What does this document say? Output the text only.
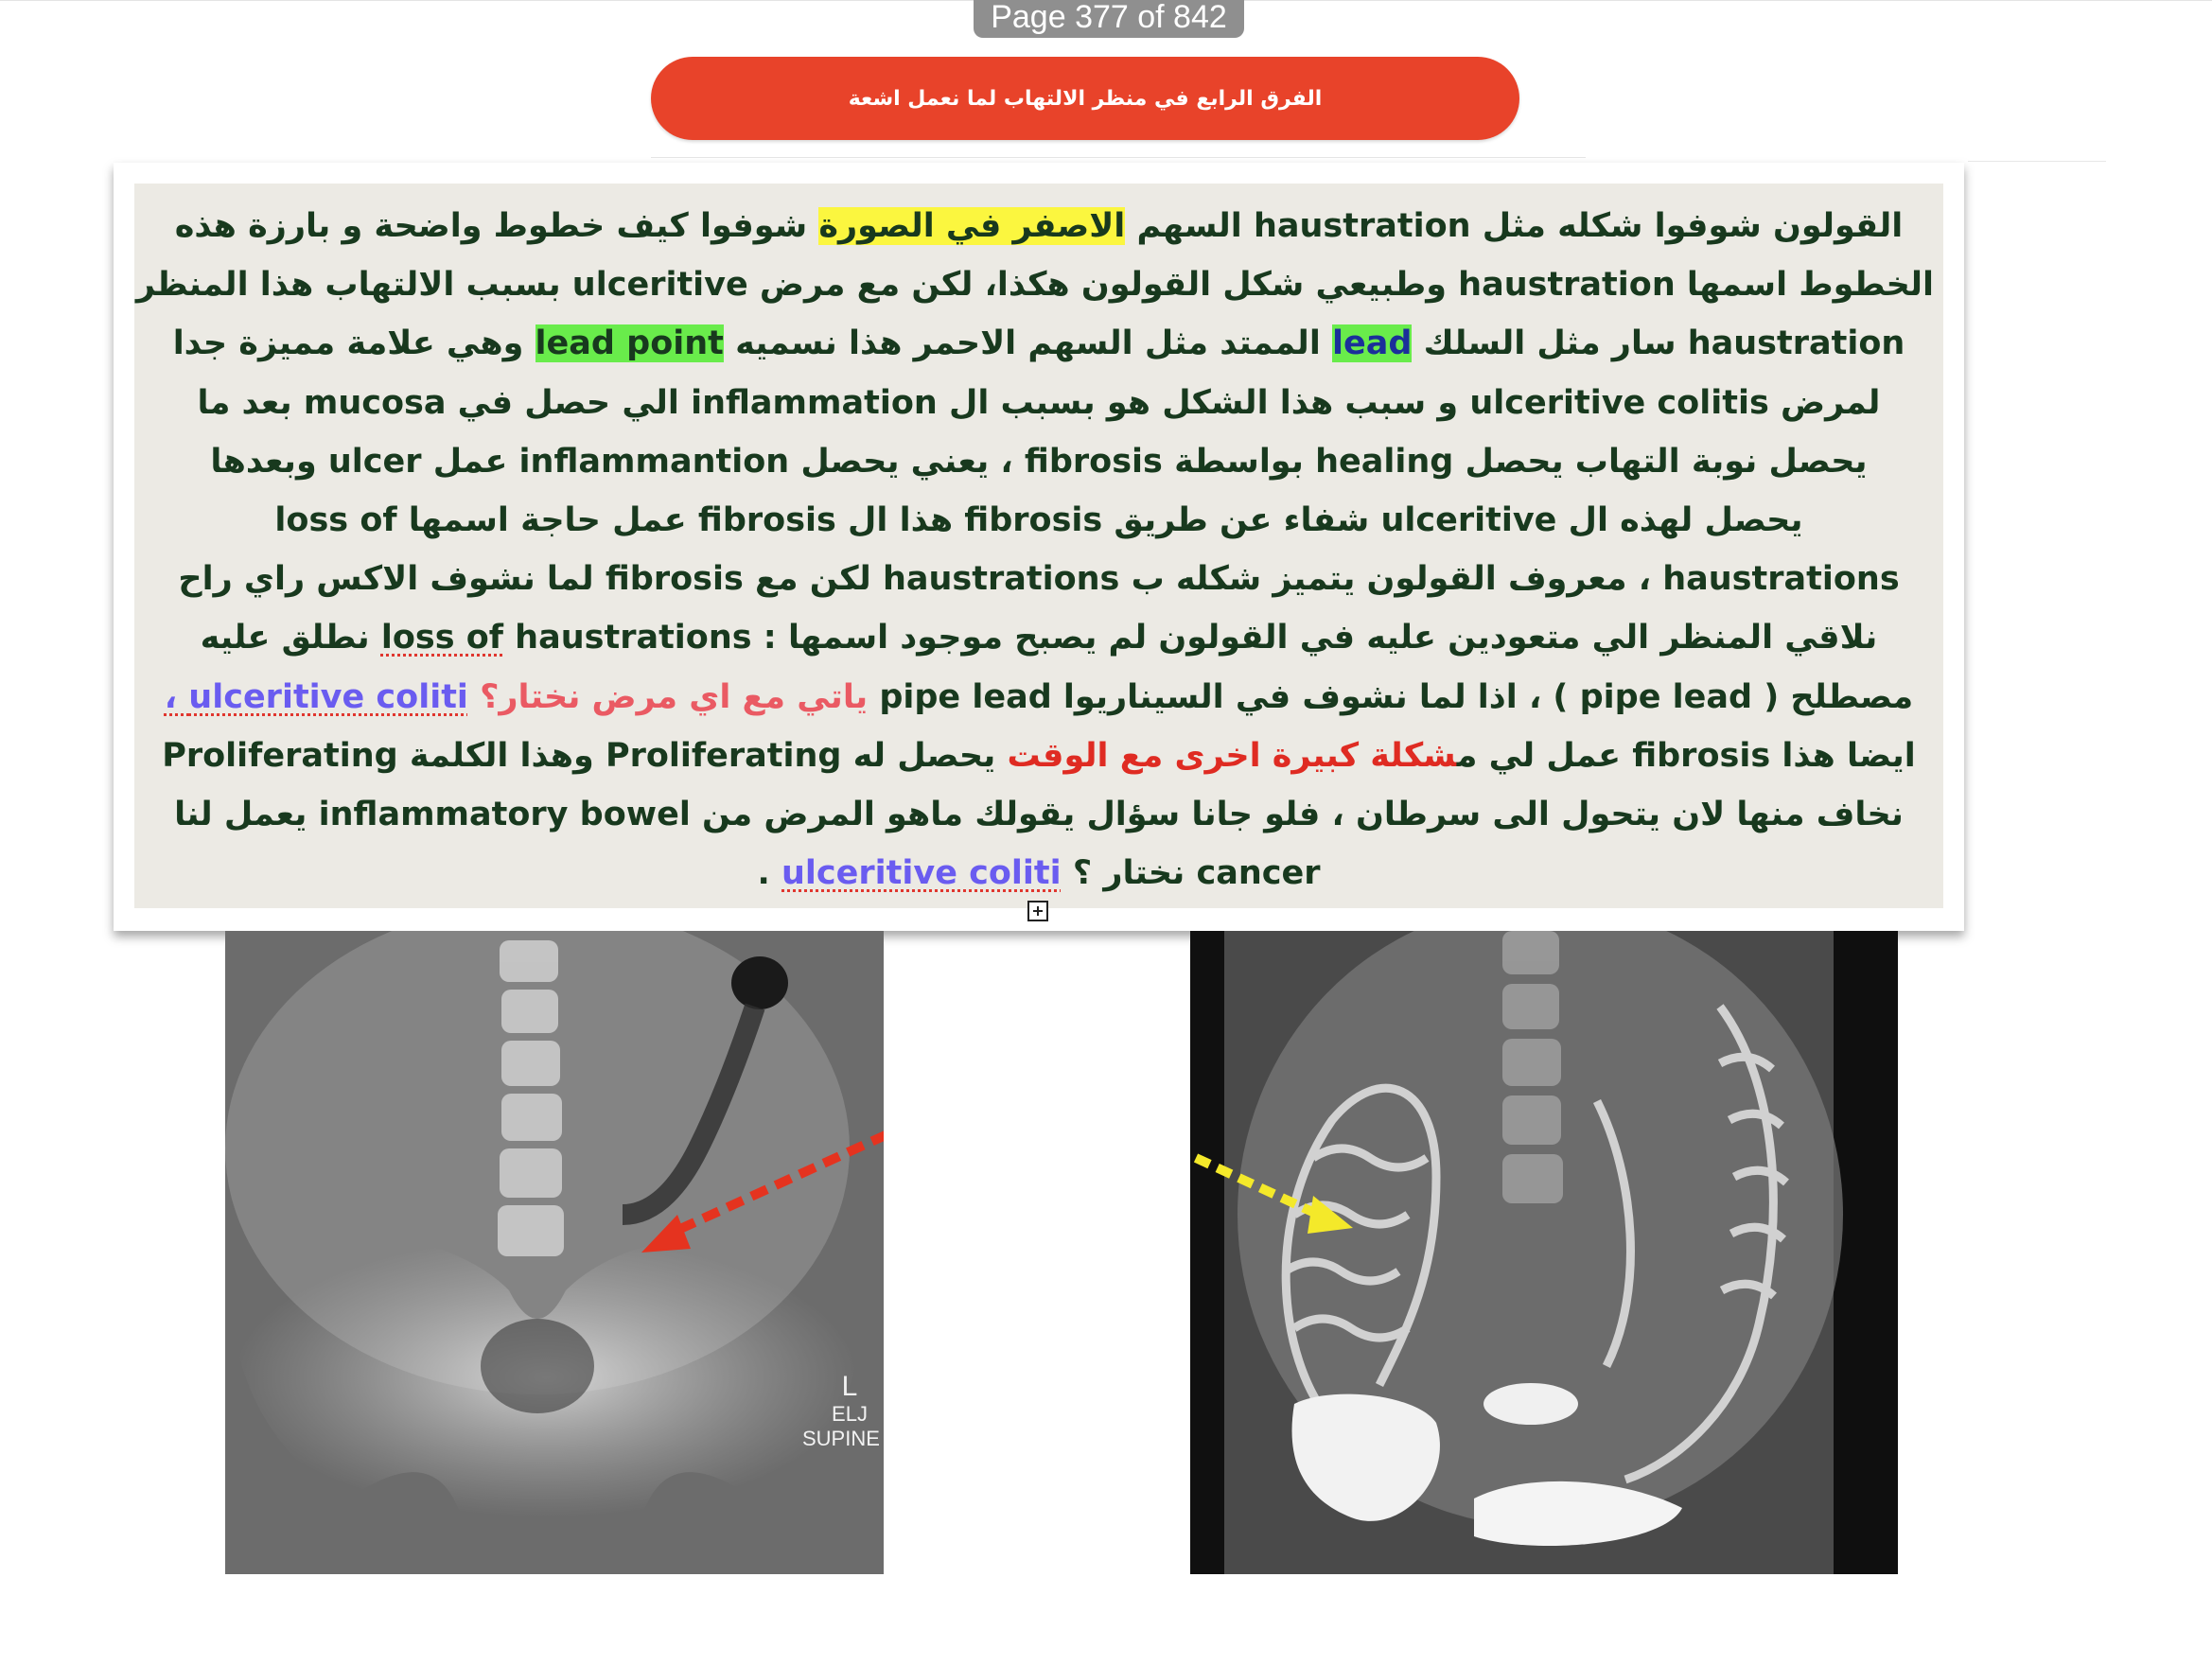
Page 377 of 842
الفرق الرابع في منظر الالتهاب لما نعمل اشعة
القولون شوفوا شكله مثل haustration السهم الاصفر في الصورة شوفوا كيف خطوط واضحة و بارزة هذه
الخطوط اسمها haustration وطبيعي شكل القولون هكذا، لكن مع مرض ulceritive بسبب الالتهاب هذا المنظر
haustration سار مثل السلك lead الممتد مثل السهم الاحمر هذا نسميه lead point وهي علامة مميزة جدا
لمرض ulceritive colitis و سبب هذا الشكل هو بسبب ال inflammation الي حصل في mucosa بعد ما
يحصل نوبة التهاب يحصل healing بواسطة fibrosis ، يعني يحصل inflammantion عمل ulcer وبعدها
يحصل لهذه ال ulceritive شفاء عن طريق fibrosis هذا ال fibrosis عمل حاجة اسمها loss of
haustrations ، معروف القولون يتميز شكله ب haustrations لكن مع fibrosis لما نشوف الاكس راي راح
نلاقي المنظر الي متعودين عليه في القولون لم يصبح موجود اسمها : loss of haustrations نطلق عليه
مصطلح ( pipe lead ) ، اذا لما نشوف في السيناريوا pipe lead ياتي مع اي مرض نختار؟ ulceritive coliti ،
ايضا هذا fibrosis عمل لي مشكلة كبيرة اخرى مع الوقت يحصل له Proliferating وهذا الكلمة Proliferating
نخاف منها لان يتحول الى سرطان ، فلو جانا سؤال يقولك ماهو المرض من inflammatory bowel يعمل لنا
cancer نختار ؟ ulceritive coliti .
L
ELJ
SUPINE
